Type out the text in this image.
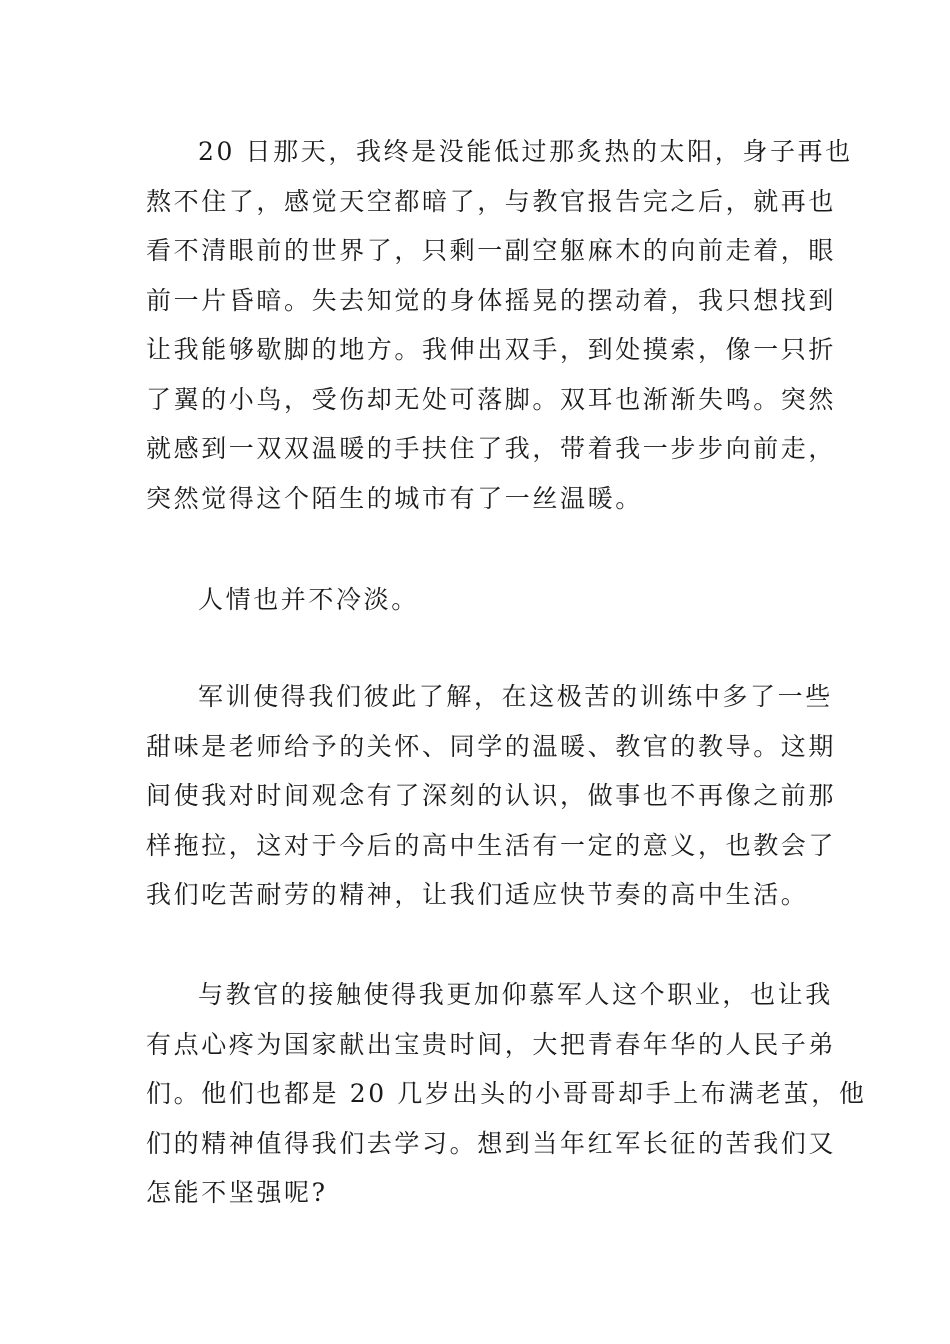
20 日那天，我终是没能低过那炙热的太阳，身子再也
熬不住了，感觉天空都暗了，与教官报告完之后，就再也
看不清眼前的世界了，只剩一副空躯麻木的向前走着，眼
前一片昏暗。失去知觉的身体摇晃的摆动着，我只想找到
让我能够歇脚的地方。我伸出双手，到处摸索，像一只折
了翼的小鸟，受伤却无处可落脚。双耳也渐渐失鸣。突然
就感到一双双温暖的手扶住了我，带着我一步步向前走，
突然觉得这个陌生的城市有了一丝温暖。
人情也并不冷淡。
军训使得我们彼此了解，在这极苦的训练中多了一些
甜味是老师给予的关怀、同学的温暖、教官的教导。这期
间使我对时间观念有了深刻的认识，做事也不再像之前那
样拖拉，这对于今后的高中生活有一定的意义，也教会了
我们吃苦耐劳的精神，让我们适应快节奏的高中生活。
与教官的接触使得我更加仰慕军人这个职业，也让我
有点心疼为国家献出宝贵时间，大把青春年华的人民子弟
们。他们也都是 20 几岁出头的小哥哥却手上布满老茧，他
们的精神值得我们去学习。想到当年红军长征的苦我们又
怎能不坚强呢?
